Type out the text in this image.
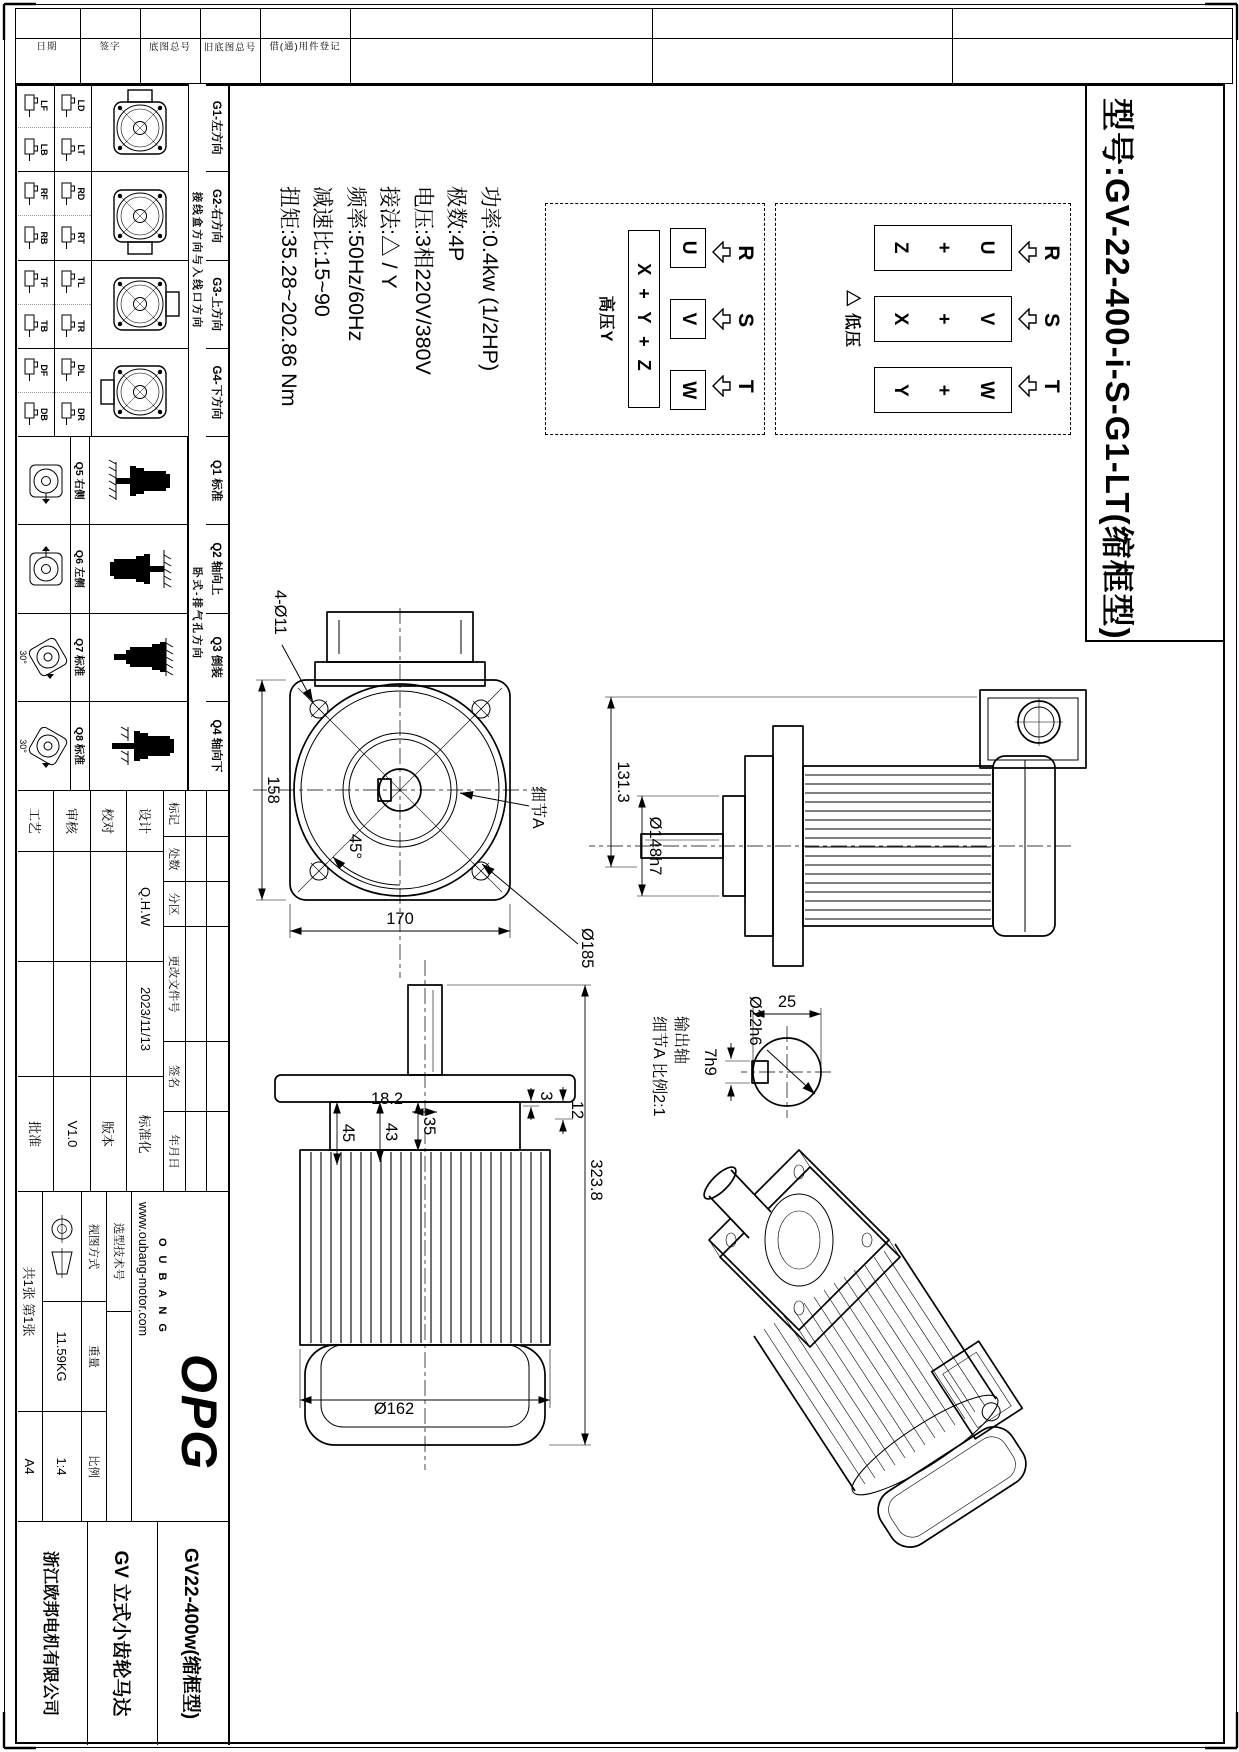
借(通)用件登记
旧底图总号
底图总号
签字
日期
型号:GV-22-400-i-S-G1-LT(缩框型)
R
S
T
U
+
Z
V
+
X
W
+
Y
△ 低压
R
S
T
U
V
W
X + Y + Z
高压Y
功率:0.4kw (1/2HP)
极数:4P
电压:3相220V/380V
接法:△ / Y
频率:50Hz/60Hz
减速比:15~90
扭矩:35.28~202.86 Nm
170
158
4-Ø11
Ø185
细节A
45°	Ø148h7
131.3
323.8
45 43 35
18.2	3
12
Ø162
Ø22h6 25
7h9
输出轴
细节A 比例2:1
G1-左方向
LD
LT
LF
LB
G2-右方向
RD
RT
RF
RB
G3-上方向
TL
TR
TF
TB
G4-下方向
DL
DR
DF
DB
Q1 标准
Q5 右侧
Q2 轴向上
Q6 左侧
Q3 倒装
Q7 标准
30°
Q4 轴向下
Q8 标准
30°
接线盒方向与入线口方向
卧式-排气孔方向
标记
处数
分区
更改文件号
签名
年月日
设计
Q.H.W
2023/11/13
标准化
校对
版本
审核
V1.0
工艺
批准
OPG
OUBANG
www.oubang-motor.com
选型技术号
视图方式
重量
比例
11.59KG
1:4
共1张 第1张
A4
GV22-400w(缩框型)
GV 立式小齿轮马达
浙江欧邦电机有限公司
